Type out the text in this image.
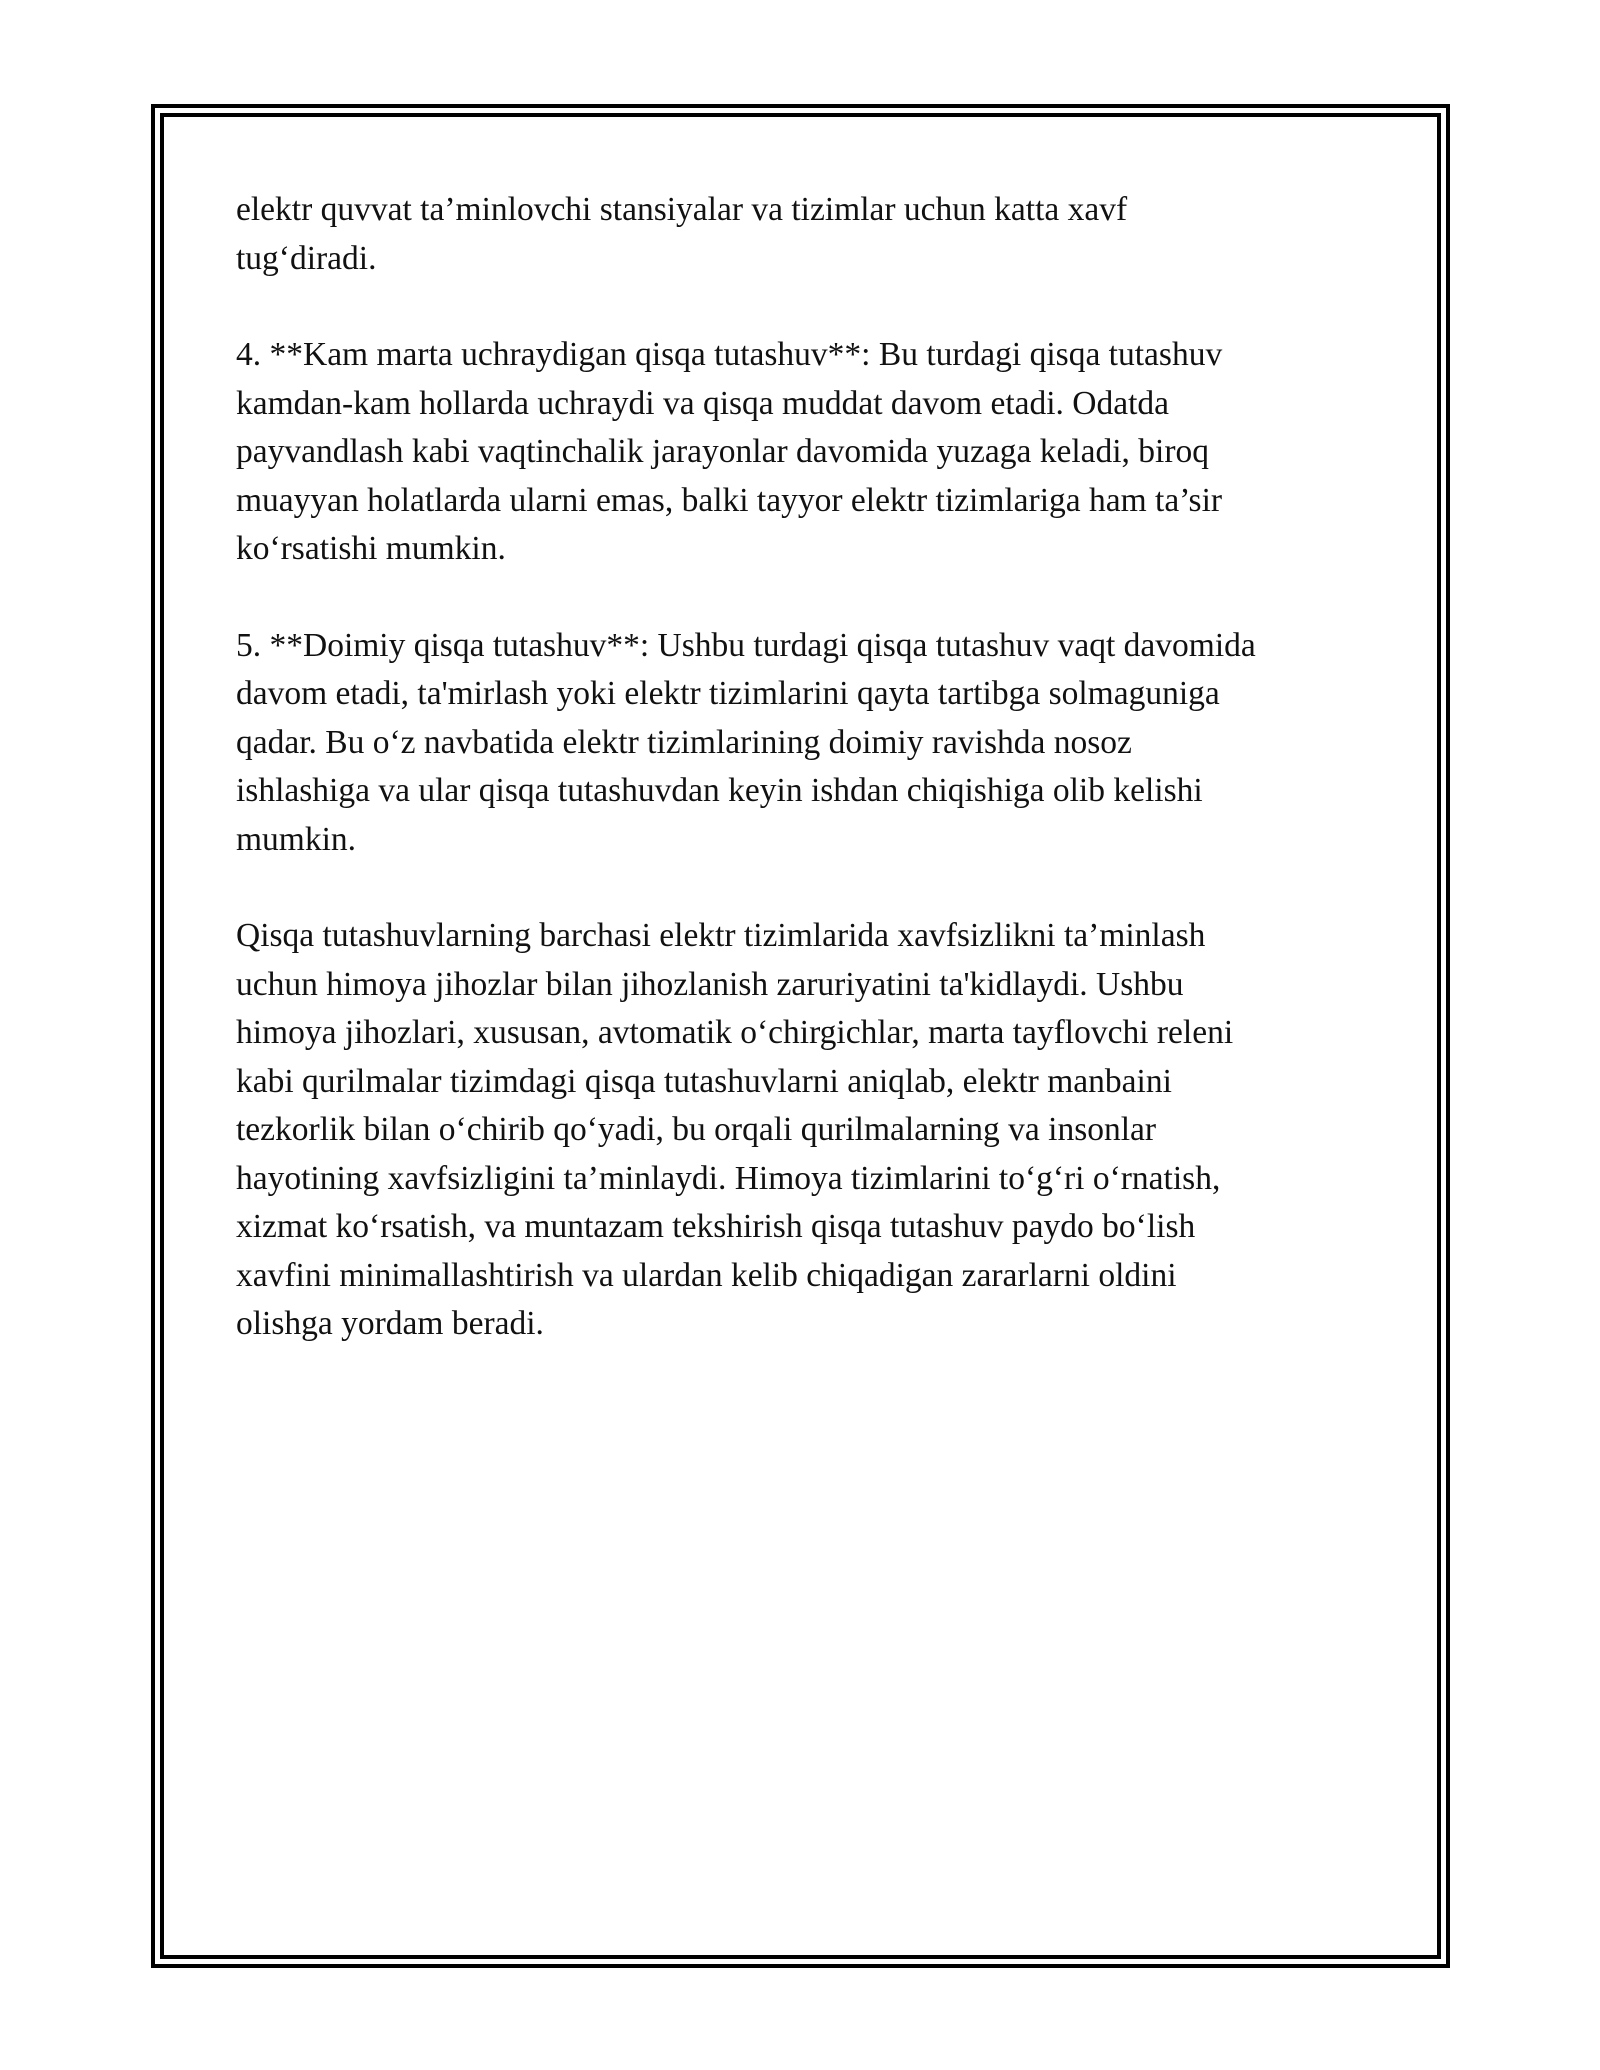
elektr quvvat ta’minlovchi stansiyalar va tizimlar uchun katta xavf
tug‘diradi.

4. **Kam marta uchraydigan qisqa tutashuv**: Bu turdagi qisqa tutashuv
kamdan-kam hollarda uchraydi va qisqa muddat davom etadi. Odatda
payvandlash kabi vaqtinchalik jarayonlar davomida yuzaga keladi, biroq
muayyan holatlarda ularni emas, balki tayyor elektr tizimlariga ham ta’sir
ko‘rsatishi mumkin.

5. **Doimiy qisqa tutashuv**: Ushbu turdagi qisqa tutashuv vaqt davomida
davom etadi, ta'mirlash yoki elektr tizimlarini qayta tartibga solmaguniga
qadar. Bu o‘z navbatida elektr tizimlarining doimiy ravishda nosoz
ishlashiga va ular qisqa tutashuvdan keyin ishdan chiqishiga olib kelishi
mumkin.

Qisqa tutashuvlarning barchasi elektr tizimlarida xavfsizlikni ta’minlash
uchun himoya jihozlar bilan jihozlanish zaruriyatini ta'kidlaydi. Ushbu
himoya jihozlari, xususan, avtomatik o‘chirgichlar, marta tayflovchi releni
kabi qurilmalar tizimdagi qisqa tutashuvlarni aniqlab, elektr manbaini
tezkorlik bilan o‘chirib qo‘yadi, bu orqali qurilmalarning va insonlar
hayotining xavfsizligini ta’minlaydi. Himoya tizimlarini to‘g‘ri o‘rnatish,
xizmat ko‘rsatish, va muntazam tekshirish qisqa tutashuv paydo bo‘lish
xavfini minimallashtirish va ulardan kelib chiqadigan zararlarni oldini
olishga yordam beradi.
